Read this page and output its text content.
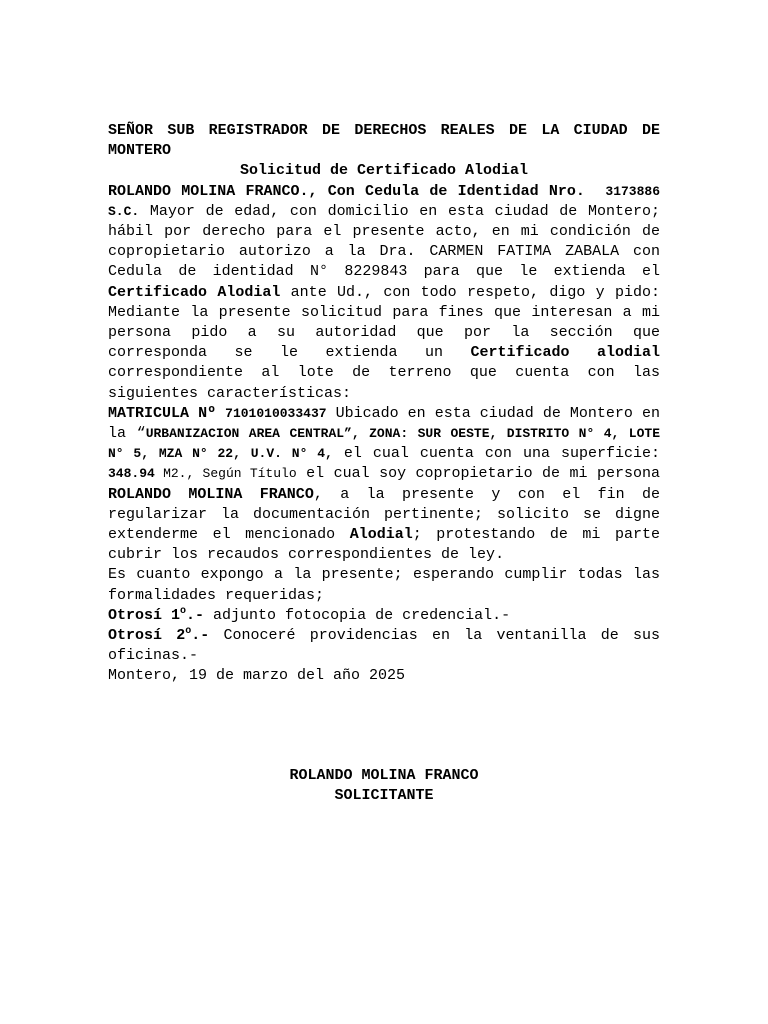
SEÑOR SUB REGISTRADOR DE DERECHOS REALES DE LA CIUDAD DE MONTERO

Solicitud de Certificado Alodial

ROLANDO MOLINA FRANCO., Con Cedula de Identidad Nro. 3173886 S.C. Mayor de edad, con domicilio en esta ciudad de Montero; hábil por derecho para el presente acto, en mi condición de copropietario autorizo a la Dra. CARMEN FATIMA ZABALA con Cedula de identidad N° 8229843 para que le extienda el Certificado Alodial ante Ud., con todo respeto, digo y pido: Mediante la presente solicitud para fines que interesan a mi persona pido a su autoridad que por la sección que corresponda se le extienda un Certificado alodial correspondiente al lote de terreno que cuenta con las siguientes características:

MATRICULA Nº 7101010033437 Ubicado en esta ciudad de Montero en la “URBANIZACION AREA CENTRAL”, ZONA: SUR OESTE, DISTRITO N° 4, LOTE N° 5, MZA N° 22, U.V. N° 4, el cual cuenta con una superficie: 348.94 M2., Según Título el cual soy copropietario de mi persona ROLANDO MOLINA FRANCO, a la presente y con el fin de regularizar la documentación pertinente; solicito se digne extenderme el mencionado Alodial; protestando de mi parte cubrir los recaudos correspondientes de ley.

Es cuanto expongo a la presente; esperando cumplir todas las formalidades requeridas;

Otrosí 1$^o$.- adjunto fotocopia de credencial.-

Otrosí 2$^o$.- Conoceré providencias en la ventanilla de sus oficinas.-

Montero, 19 de marzo del año 2025

ROLANDO MOLINA FRANCO
SOLICITANTE
